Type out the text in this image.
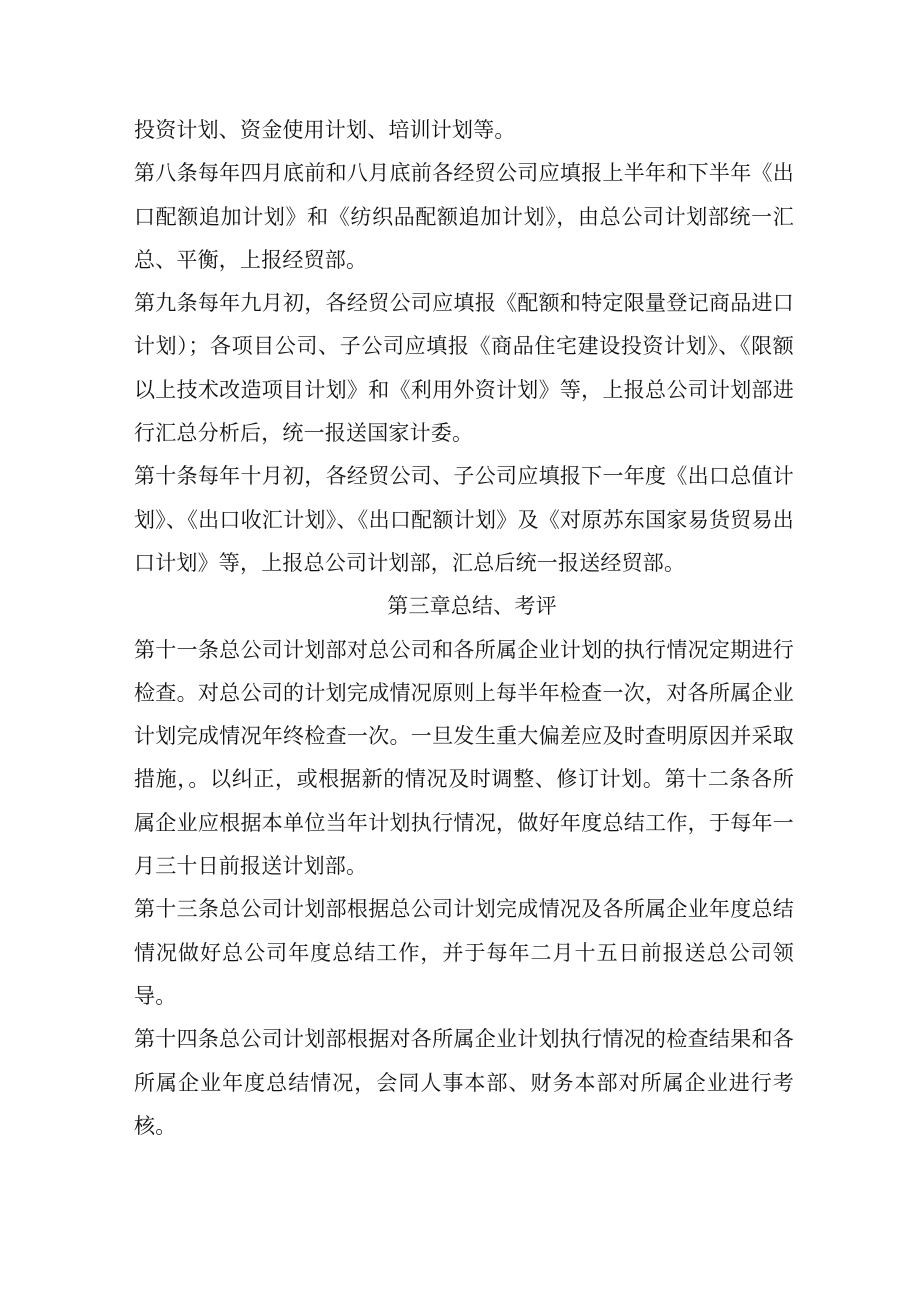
投资计划、资金使用计划、培训计划等。

第八条每年四月底前和八月底前各经贸公司应填报上半年和下半年《出口配额追加计划》和《纺织品配额追加计划》，由总公司计划部统一汇总、平衡，上报经贸部。

第九条每年九月初，各经贸公司应填报《配额和特定限量登记商品进口计划）；各项目公司、子公司应填报《商品住宅建设投资计划》、《限额以上技术改造项目计划》和《利用外资计划》等，上报总公司计划部进行汇总分析后，统一报送国家计委。

第十条每年十月初，各经贸公司、子公司应填报下一年度《出口总值计划》、《出口收汇计划》、《出口配额计划》及《对原苏东国家易货贸易出口计划》等，上报总公司计划部，汇总后统一报送经贸部。

第三章总结、考评

第十一条总公司计划部对总公司和各所属企业计划的执行情况定期进行检查。对总公司的计划完成情况原则上每半年检查一次，对各所属企业计划完成情况年终检查一次。一旦发生重大偏差应及时查明原因并采取措施，。以纠正，或根据新的情况及时调整、修订计划。第十二条各所属企业应根据本单位当年计划执行情况，做好年度总结工作，于每年一月三十日前报送计划部。

第十三条总公司计划部根据总公司计划完成情况及各所属企业年度总结情况做好总公司年度总结工作，并于每年二月十五日前报送总公司领导。

第十四条总公司计划部根据对各所属企业计划执行情况的检查结果和各所属企业年度总结情况，会同人事本部、财务本部对所属企业进行考核。
